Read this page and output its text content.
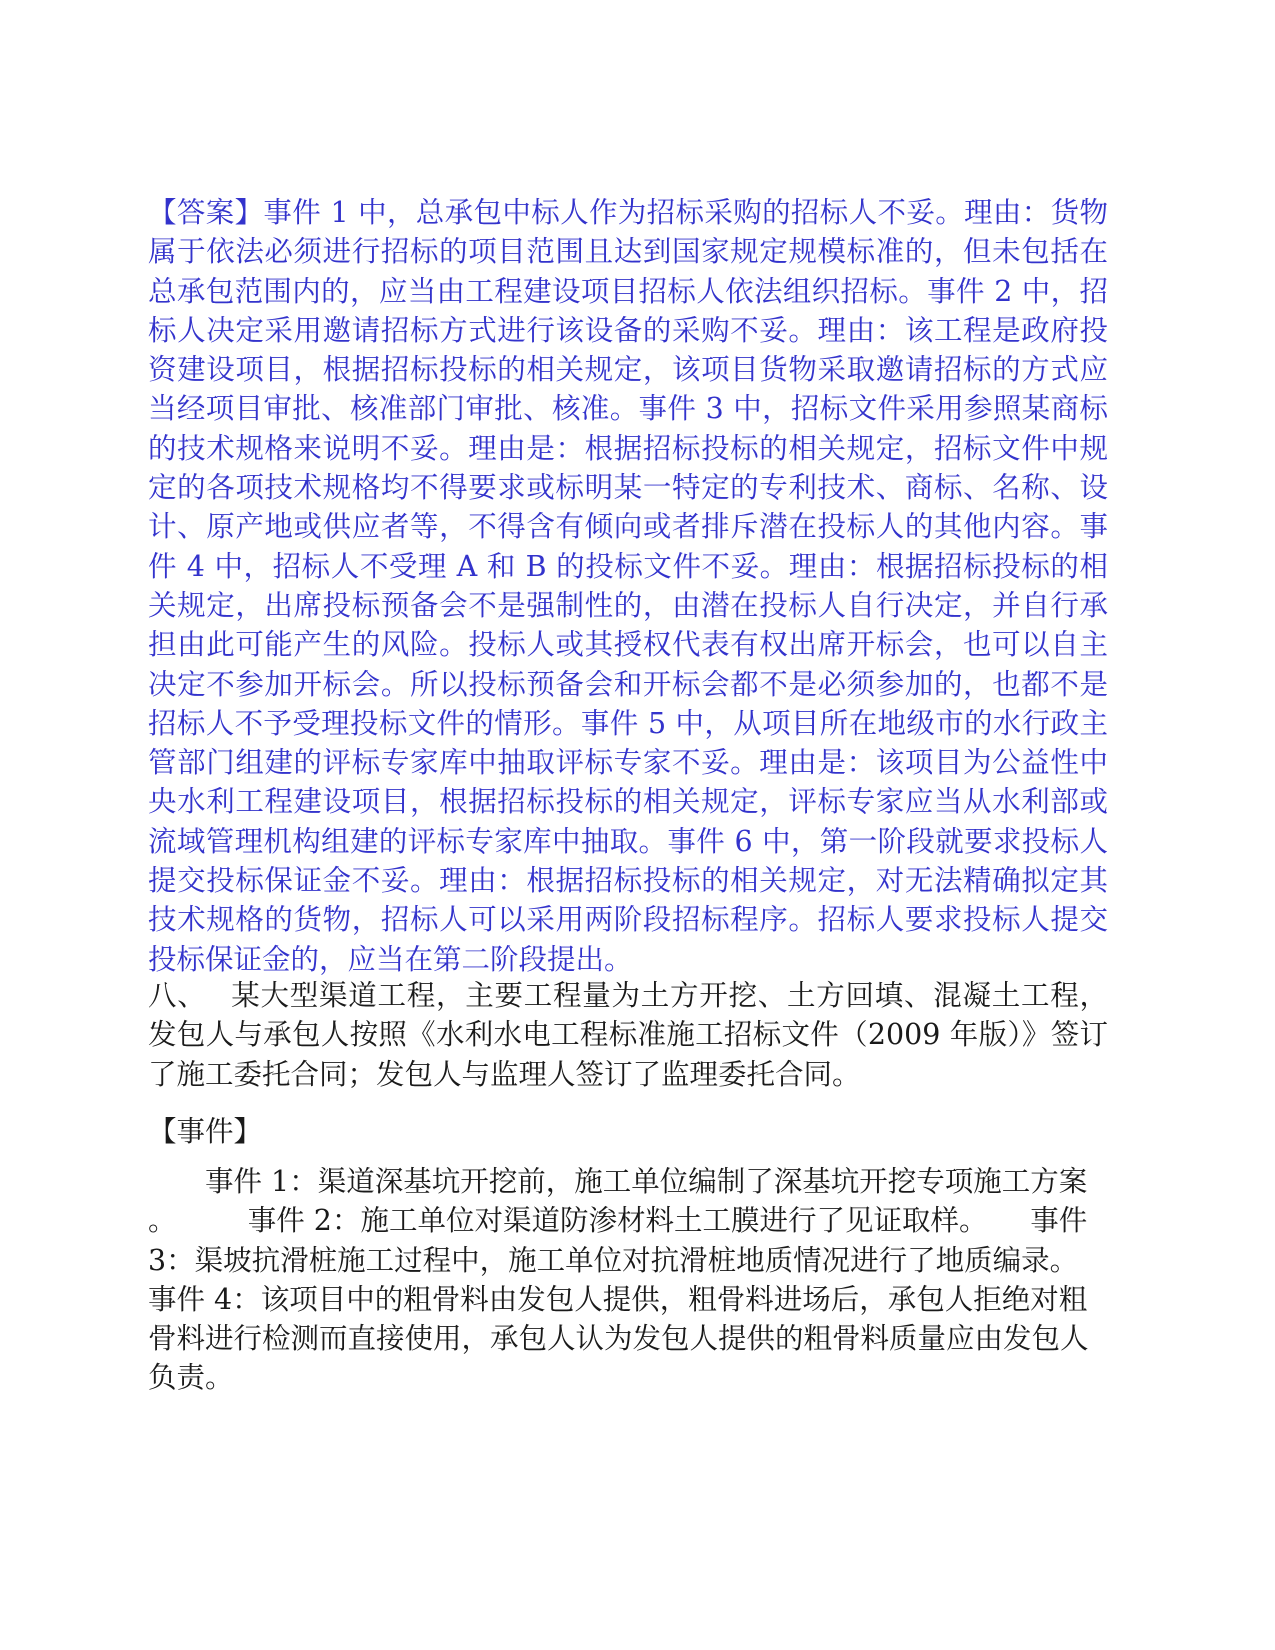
【答案】事件 1 中，总承包中标人作为招标采购的招标人不妥。理由：货物属于依法必须进行招标的项目范围且达到国家规定规模标准的，但未包括在总承包范围内的，应当由工程建设项目招标人依法组织招标。事件 2 中，招标人决定采用邀请招标方式进行该设备的采购不妥。理由：该工程是政府投资建设项目，根据招标投标的相关规定，该项目货物采取邀请招标的方式应当经项目审批、核准部门审批、核准。事件 3 中，招标文件采用参照某商标的技术规格来说明不妥。理由是：根据招标投标的相关规定，招标文件中规定的各项技术规格均不得要求或标明某一特定的专利技术、商标、名称、设计、原产地或供应者等，不得含有倾向或者排斥潜在投标人的其他内容。事件 4 中，招标人不受理 A 和 B 的投标文件不妥。理由：根据招标投标的相关规定，出席投标预备会不是强制性的，由潜在投标人自行决定，并自行承担由此可能产生的风险。投标人或其授权代表有权出席开标会，也可以自主决定不参加开标会。所以投标预备会和开标会都不是必须参加的，也都不是招标人不予受理投标文件的情形。事件 5 中，从项目所在地级市的水行政主管部门组建的评标专家库中抽取评标专家不妥。理由是：该项目为公益性中央水利工程建设项目，根据招标投标的相关规定，评标专家应当从水利部或流域管理机构组建的评标专家库中抽取。事件 6 中，第一阶段就要求投标人提交投标保证金不妥。理由：根据招标投标的相关规定，对无法精确拟定其技术规格的货物，招标人可以采用两阶段招标程序。招标人要求投标人提交投标保证金的，应当在第二阶段提出。

八、　 某大型渠道工程，主要工程量为土方开挖、土方回填、混凝土工程，发包人与承包人按照《水利水电工程标准施工招标文件（2009 年版）》签订了施工委托合同；发包人与监理人签订了监理委托合同。

【事件】

　　事件 1：渠道深基坑开挖前，施工单位编制了深基坑开挖专项施工方案
。　　　事件 2：施工单位对渠道防渗材料土工膜进行了见证取样。　　事件
3：渠坡抗滑桩施工过程中，施工单位对抗滑桩地质情况进行了地质编录。
事件 4：该项目中的粗骨料由发包人提供，粗骨料进场后，承包人拒绝对粗
骨料进行检测而直接使用，承包人认为发包人提供的粗骨料质量应由发包人
负责。
